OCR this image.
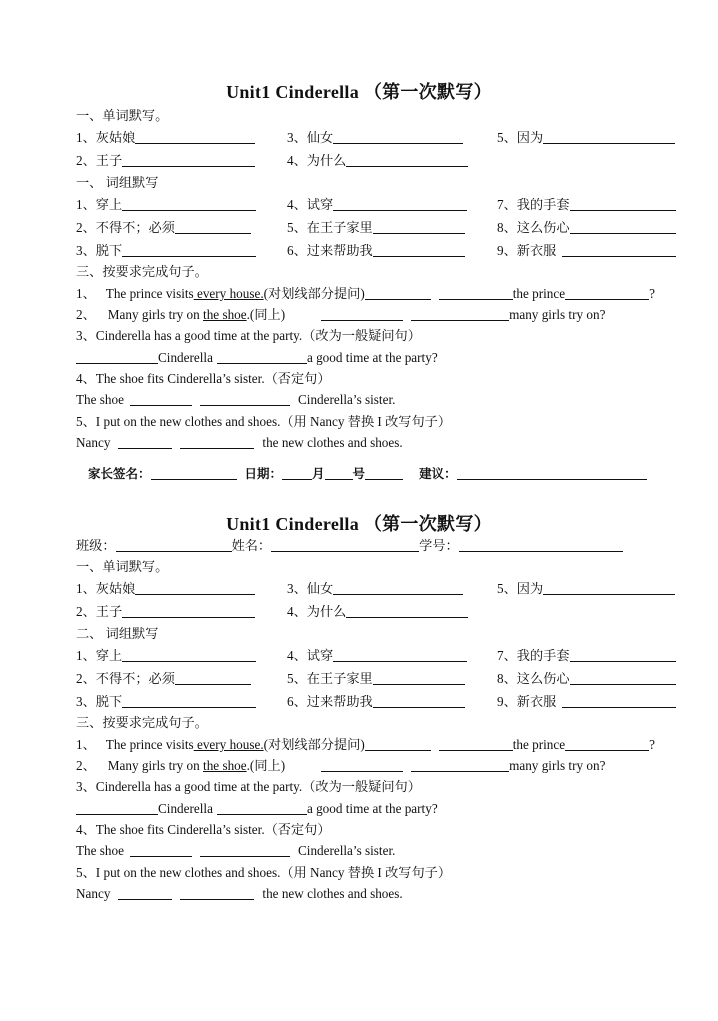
Unit1 Cinderella （第一次默写）
一、单词默写。
1、灰姑娘	3、仙女	5、因为
2、王子	4、为什么
一、 词组默写
1、穿上	4、试穿	7、我的手套
2、不得不；必须	5、在王子家里	8、这么伤心
3、脱下	6、过来帮助我	9、新衣服
三、按要求完成句子。
1、 The prince visits every house.(对划线部分提问)	the prince	?
2、 Many girls try on the shoe.(同上)	many girls try on?
3、Cinderella has a good time at the party.（改为一般疑问句）
Cinderella	a good time at the party?
4、The shoe fits Cinderella’s sister.（否定句）
The shoe	Cinderella’s sister.
5、I put on the new clothes and shoes.（用 Nancy 替换 I 改写句子）
Nancy	the new clothes and shoes.
家长签名：	日期： 月 号	建议：
Unit1 Cinderella （第一次默写）
班级：	姓名：	学号：
一、单词默写。
1、灰姑娘	3、仙女	5、因为
2、王子	4、为什么
二、 词组默写
1、穿上	4、试穿	7、我的手套
2、不得不；必须	5、在王子家里	8、这么伤心
3、脱下	6、过来帮助我	9、新衣服
三、按要求完成句子。
1、 The prince visits every house.(对划线部分提问)	the prince	?
2、 Many girls try on the shoe.(同上)	many girls try on?
3、Cinderella has a good time at the party.（改为一般疑问句）
Cinderella	a good time at the party?
4、The shoe fits Cinderella’s sister.（否定句）
The shoe	Cinderella’s sister.
5、I put on the new clothes and shoes.（用 Nancy 替换 I 改写句子）
Nancy	the new clothes and shoes.
